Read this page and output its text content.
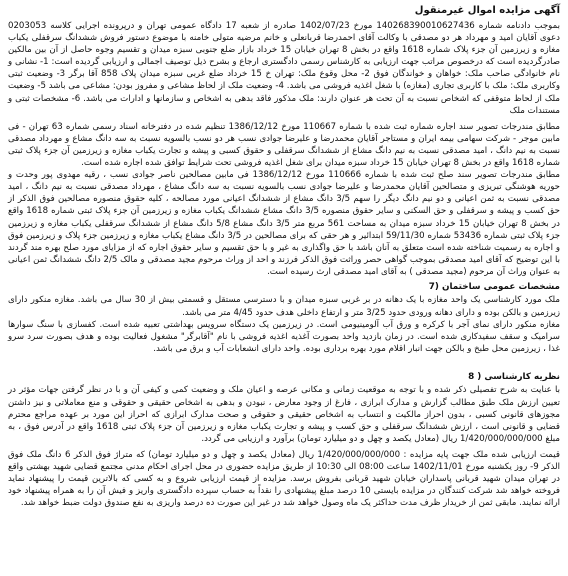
آگهی مزایده اموال غیرمنقول

بموجب دادنامه شماره 140268390010627436 مورخ 1402/07/23 صادره از شعبه 17 دادگاه عمومی تهران و درپرونده اجرایی کلاسه 0203053 دعوی آقایان امید و مهرداد هر دو مصدقی با وکالت آقای احمدرضا قربانعلی و خانم مرضیه متولی خامنه با موضوع دستور فروش ششدانگ سرقفلی یکباب مغازه و زیرزمین آن جزء پلاک شماره 1618 واقع در بخش 8 تهران خیابان 15 خرداد بازار ضلع جنوبی سبزه میدان و تقسیم وجوه حاصل از آن بین مالکین صادرگردیده است که درخصوص مراتب جهت ارزیابی به کارشناس رسمی دادگستری ارجاع و بشرح ذیل توصیف اجمالی و ارزیابی گردیده است: 1- نشانی و نام خانوادگی صاحب ملک: خواهان و خواندگان فوق 2- محل وقوع ملک: تهران خ 15 خرداد ضلع غربی سبزه میدان پلاک 858 آقا برگر 3- وضعیت ثبتی وکاربری ملک: ملک با کاربری تجاری (مغازه) با شغل اغذیه فروشی می باشد. 4- وضعیت ملک از لحاظ مشاعی و مفروز بودن: مشاعی می باشد 5- وضعیت ملک از لحاظ متوقفی که اشخاص نسبت به آن تحت هر عنوان دارند: ملک مذکور فاقد بدهی به اشخاص و سازمانها و ادارات می باشد. 6- مشخصات ثبتی و مستندات ملک

مطابق مندرجات تصویر سند اجاره شماره ثبت شده با شماره 110667 مورخ 1386/12/12 تنظیم شده در دفترخانه اسناد رسمی شماره 63 تهران - فی مابین موجر - شرکت سهامی بیمه ایران و مستاجر آقایان محمدرضا و علیرضا جوادی نسب هر دو نسب بالسویه نسبت به سه دانگ مشاع و مهرداد مصدقی نسبت به نیم دانگ ، امید مصدقی نسبت به نیم دانگ مشاع از ششدانگ سرقفلی و حقوق کسبی و پیشه و تجارت یکباب مغازه و زیرزمین آن جزء پلاک ثبتی شماره 1618 واقع در بخش 8 تهران خیابان 15 خرداد سبزه میدان برای شغل اغذیه فروشی تحت شرایط توافق شده اجاره شده است.

مطابق مندرجات تصویر سند صلح ثبت شده با شماره 110666 مورخ 1386/12/12 فی مابین مصالحین ناصر جوادی نسب ، رقیه مهدوی پور وحدت و حوریه هوشنگی تبریزی و متصالحین آقایان محمدرضا و علیرضا جوادی نسب بالسویه نسبت به سه دانگ مشاع ، مهرداد مصدقی نسبت به نیم دانگ ، امید مصدقی نسبت به ثمن اعیانی و دو نیم دانگ دیگر را سهم 3/5 دانگ مشاع از ششدانگ اعیانی مورد مصالحه ، کلیه حقوق منصوره مصالحین فوق الذکر از حق کسب و پیشه و سرقفلی و حق السکنی و سایر حقوق منصوره 3/5 دانگ مشاع ششدانگ یکباب مغازه و زیرزمین آن جزء پلاک ثبتی شماره 1618 واقع در بخش 8 تهران خیابان 15 خرداد سبزه میدان به مساحت 561 مربع متر 3/5 دانگ مشاع 5/8 دانگ مشاع از ششدانگ سرقفلی یکباب مغازه و زیرزمین جزء پلاک ثبتی شماره 53436 شماره 59/11/30 ابتدائیر و هر حقی که برای مصالحین در 3/5 دانگ مشاع یکباب مغازه و زیرزمین جزء پلاک و زیرزمین فوق و اجاره به رسمیت شناخته شده است متعلق به آنان باشد با حق واگذاری به غیر و با حق تقسیم و سایر حقوق اجاره که از مزایای مورد صلح بهره مند گردند با این توضیح که آقای امید مصدقی بموجب گواهی حصر وراثت فوق الذکر فرزند و احد از وراث مرحوم مجید مصدقی و مالک 2/5 دانگ ششدانگ ثمن اعیانی به عنوان وراث آن مرحوم (مجید مصدقی ) به آقای امید مصدقی ارث رسیده است.

مشخصات عمومی ساختمان (7

ملک مورد کارشناسی یک واحد مغازه با یک دهانه در بر غربی سبزه میدان و با دسترسی مستقل و قسمتی بیش از 30 سال می باشد. مغازه منکور دارای زیرزمین و بالکن بوده و دارای دهانه ورودی حدود 3/25 متر و ارتفاع داخلی هدف حدود 4/45 متر می باشد.

مغازه منکور دارای نمای آجر با کرکره و ورق آب آلومینیومی است. در زیرزمین یک دستگاه سرویس بهداشتی تعبیه شده است. کفسازی با سنگ سوارها سرامیک و سقف سفیدکاری شده است. در زمان بازدید واحد بصورت آغذیه اغذیه فروشی با نام "آقابرگر" مشغول فعالیت بوده و هدف بصورت سرد سرو غذا ، زیرزمین محل طبخ و بالکن جهت انبار اقلام مورد بهره برداری بوده. واحد دارای انشعابات آب و برق می باشد.

نظریه کارشناسی ( 8

با عنایت به شرح تفصیلی ذکر شده و با توجه به موقعیت زمانی و مکانی عرصه و اعیان ملک و وضعیت کمی و کیفی آن و با در نظر گرفتن جهات مؤثر در تعیین ارزش ملک طبق مطالب گزارش و مدارک ابرازی ، فارغ از وجود معارض ، نبودن و بدهی به اشخاص حقیقی و حقوقی و منع معاملاتی و نیز داشتن مجوزهای قانونی کسبی ، بدون احراز مالکیت و انتساب به اشخاص حقیقی و حقوقی و صحت مدارک ابرازی که احراز این مورد بر عهده مراجع محترم قضایی و قانونی است ، ارزش ششدانگ سرقفلی و حق کسب و پیشه و تجارت یکباب مغازه و زیرزمین آن جزء پلاک ثبتی 1618 واقع در آدرس فوق ، به مبلغ 1/420/000/000/000 ریال (معادل یکصد و چهل و دو میلیارد تومان) برآورد و ارزیابی می گردد.

قیمت ارزیابی شده ملک جهت پایه مزایده : 1/420/000/000/000 ریال (معادل یکصد و چهل و دو میلیارد تومان) که متراژ فوق الذکر 6 دانگ ملک فوق الذکر 9- روز یکشنبه مورخ 1402/11/01 ساعت 08:00 الی 10:30 از طریق مزایده حضوری در محل اجرای احکام مدنی مجتمع قضایی شهید بهشتی واقع در تهران میدان شهید قربانی پاسداران خیابان شهید قربانی بفروش برسد. مزایده از قیمت ارزیابی شروع و به کسی که بالاترین قیمت را پیشنهاد نماید فروخته خواهد شد شرکت کنندگان در مزایده بایستی 10 درصد مبلغ پیشنهادی را نقداً به حساب سپرده دادگستری واریز و فیش آن را به همراه پیشنهاد خود ارائه نمایند. مابقی ثمن از خریدار ظرف مدت حداکثر یک ماه وصول خواهد شد در غیر این صورت ده درصد واریزی به نفع صندوق دولت ضبط خواهد شد.
